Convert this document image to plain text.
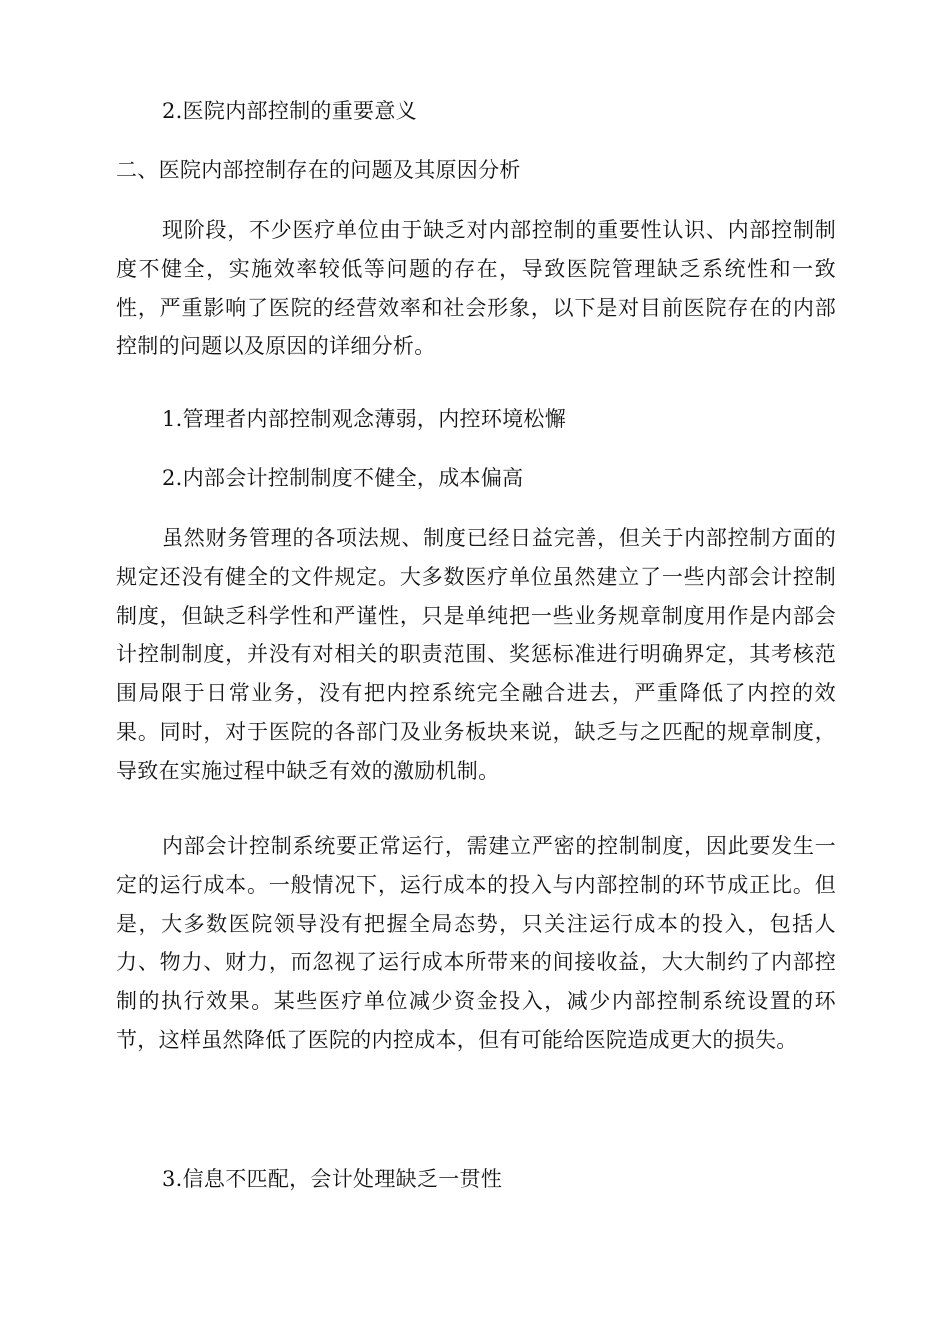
2.医院内部控制的重要意义
二、医院内部控制存在的问题及其原因分析
现阶段，不少医疗单位由于缺乏对内部控制的重要性认识、内部控制制度不健全，实施效率较低等问题的存在，导致医院管理缺乏系统性和一致性，严重影响了医院的经营效率和社会形象，以下是对目前医院存在的内部控制的问题以及原因的详细分析。
1.管理者内部控制观念薄弱，内控环境松懈
2.内部会计控制制度不健全，成本偏高
虽然财务管理的各项法规、制度已经日益完善，但关于内部控制方面的规定还没有健全的文件规定。大多数医疗单位虽然建立了一些内部会计控制制度，但缺乏科学性和严谨性，只是单纯把一些业务规章制度用作是内部会计控制制度，并没有对相关的职责范围、奖惩标准进行明确界定，其考核范围局限于日常业务，没有把内控系统完全融合进去，严重降低了内控的效果。同时，对于医院的各部门及业务板块来说，缺乏与之匹配的规章制度，导致在实施过程中缺乏有效的激励机制。
内部会计控制系统要正常运行，需建立严密的控制制度，因此要发生一定的运行成本。一般情况下，运行成本的投入与内部控制的环节成正比。但是，大多数医院领导没有把握全局态势，只关注运行成本的投入，包括人力、物力、财力，而忽视了运行成本所带来的间接收益，大大制约了内部控制的执行效果。某些医疗单位减少资金投入，减少内部控制系统设置的环节，这样虽然降低了医院的内控成本，但有可能给医院造成更大的损失。
3.信息不匹配，会计处理缺乏一贯性
